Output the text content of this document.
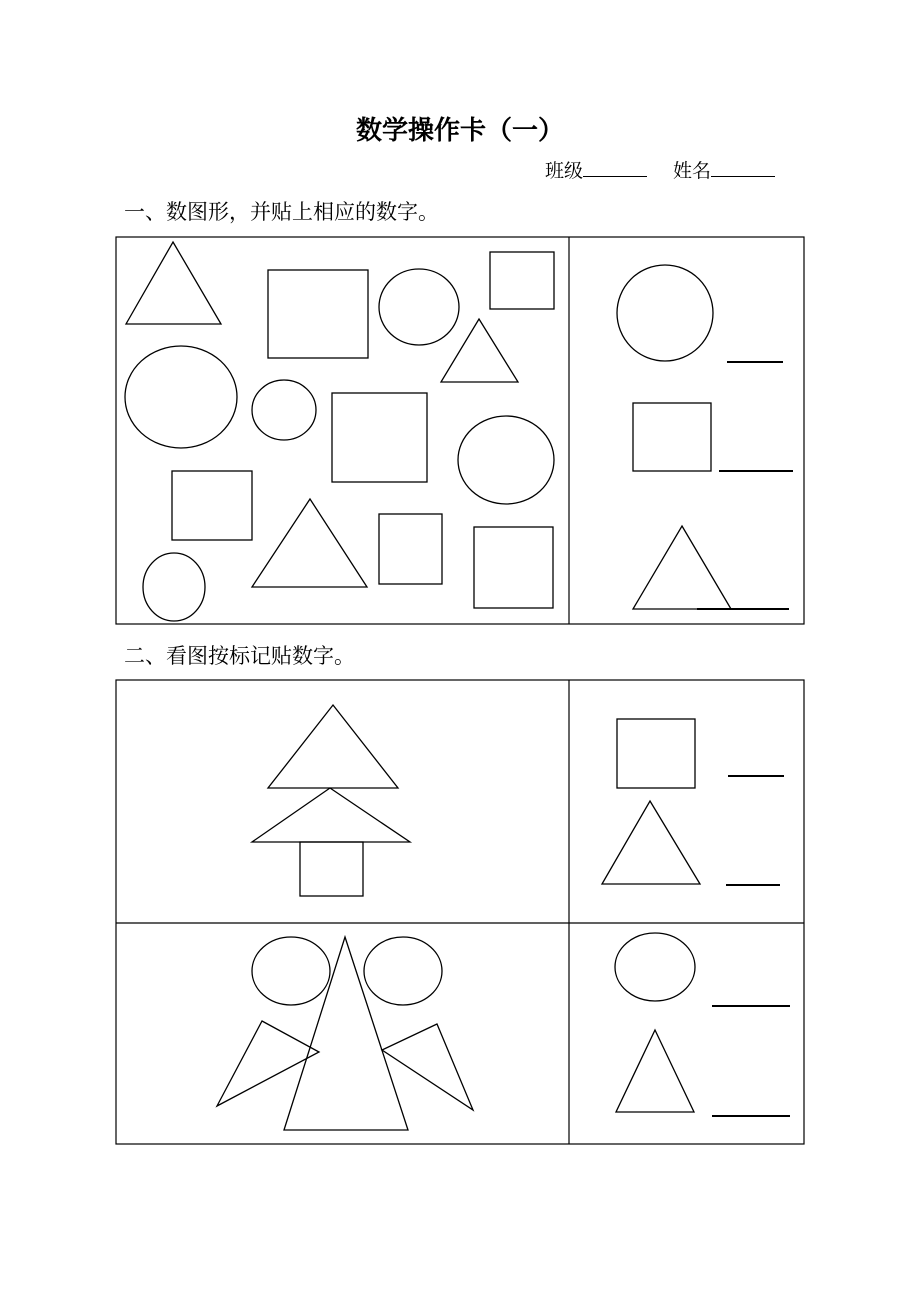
数学操作卡（一）
班级	姓名
一、数图形，并贴上相应的数字。
二、看图按标记贴数字。
